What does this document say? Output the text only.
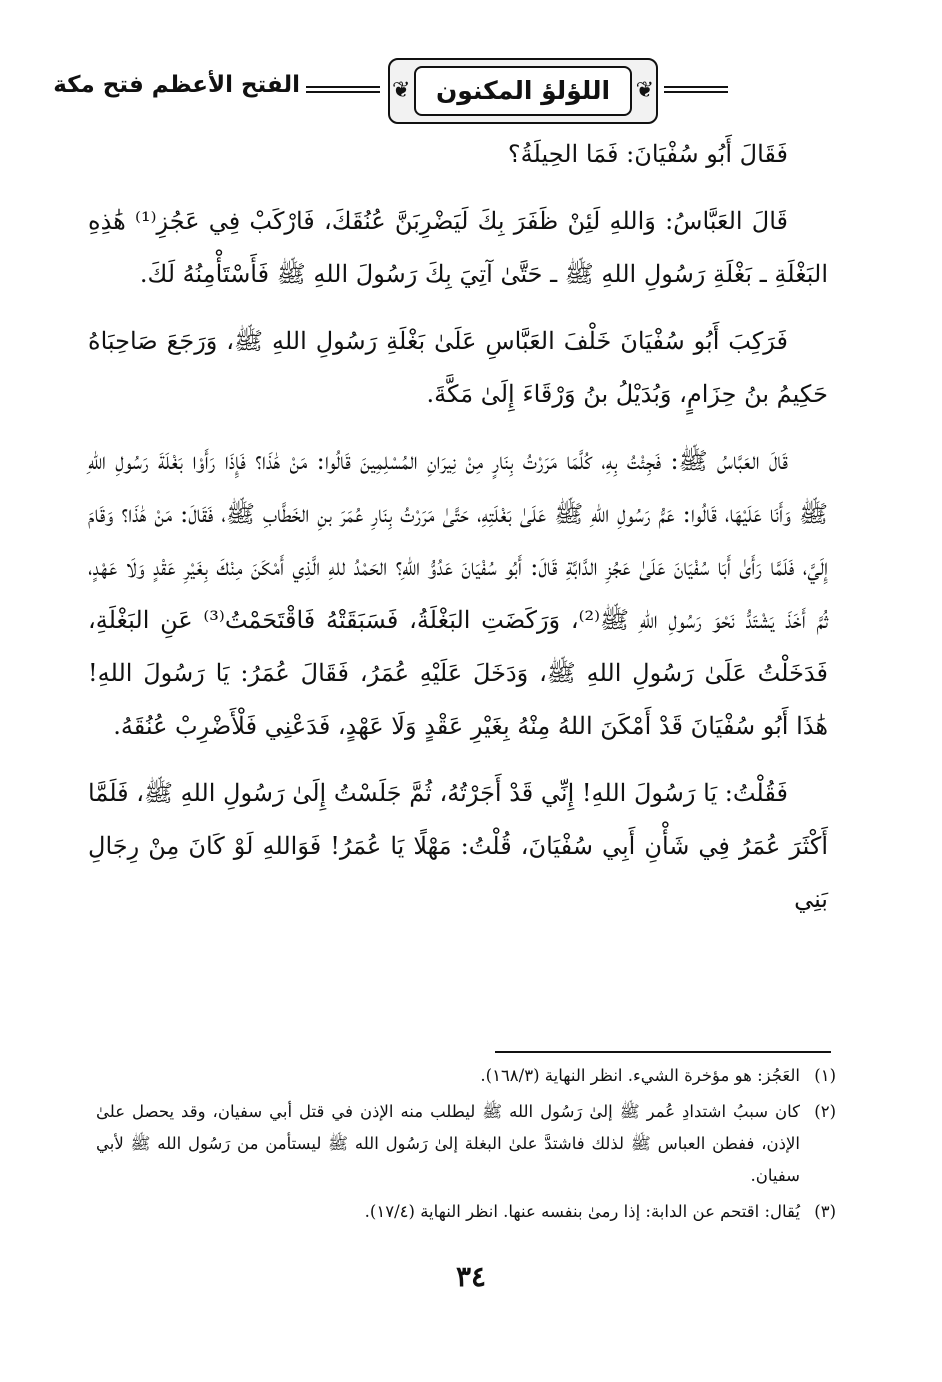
الفتح الأعظم فتح مكة	❦	اللؤلؤ المكنون	❦

فَقَالَ أَبُو سُفْيَانَ: فَمَا الحِيلَةُ؟

قَالَ العَبَّاسُ: وَاللهِ لَئِنْ ظَفَرَ بِكَ لَيَضْرِبَنَّ عُنُقَكَ، فَارْكَبْ فِي عَجُزِ⁽¹⁾ هَٰذِهِ البَغْلَةِ ـ بَغْلَةِ رَسُولِ اللهِ ﷺ ـ حَتَّىٰ آتِيَ بِكَ رَسُولَ اللهِ ﷺ فَأَسْتَأْمِنُهُ لَكَ.

فَرَكِبَ أَبُو سُفْيَانَ خَلْفَ العَبَّاسِ عَلَىٰ بَغْلَةِ رَسُولِ اللهِ ﷺ، وَرَجَعَ صَاحِبَاهُ حَكِيمُ بنُ حِزَامٍ، وَبُدَيْلُ بنُ وَرْقَاءَ إِلَىٰ مَكَّةَ.

قَالَ العَبَّاسُ ﷺ: فَجِئْتُ بِهِ، كُلَّمَا مَرَرْتُ بِنَارٍ مِنْ نِيرَانِ المُسْلِمِينَ قَالُوا: مَنْ هَٰذَا؟ فَإِذَا رَأَوْا بَغْلَةَ رَسُولِ اللهِ ﷺ وَأَنَا عَلَيْهَا، قَالُوا: عَمُّ رَسُولِ اللهِ ﷺ عَلَىٰ بَغْلَتِهِ، حَتَّىٰ مَرَرْتُ بِنَارِ عُمَرَ بنِ الخَطَّابِ ﷺ، فَقَالَ: مَنْ هَٰذَا؟ وَقَامَ إِلَيَّ، فَلَمَّا رَأَىٰ أَبَا سُفْيَانَ عَلَىٰ عَجُزِ الدَّابَّةِ قَالَ: أَبُو سُفْيَانَ عَدُوُّ اللهِ؟ الحَمْدُ للهِ الَّذِي أَمْكَنَ مِنْكَ بِغَيْرِ عَقْدٍ وَلَا عَهْدٍ، ثُمَّ أَخَذَ يَشْتَدُّ نَحْوَ رَسُولِ اللهِ ﷺ⁽²⁾، وَرَكَضَتِ البَغْلَةُ، فَسَبَقَتْهُ فَاقْتَحَمْتُ⁽³⁾ عَنِ البَغْلَةِ، فَدَخَلْتُ عَلَىٰ رَسُولِ اللهِ ﷺ، وَدَخَلَ عَلَيْهِ عُمَرُ، فَقَالَ عُمَرُ: يَا رَسُولَ اللهِ! هَٰذَا أَبُو سُفْيَانَ قَدْ أَمْكَنَ اللهُ مِنْهُ بِغَيْرِ عَقْدٍ وَلَا عَهْدٍ، فَدَعْنِي فَلْأَضْرِبْ عُنُقَهُ.

فَقُلْتُ: يَا رَسُولَ اللهِ! إِنِّي قَدْ أَجَرْتُهُ، ثُمَّ جَلَسْتُ إِلَىٰ رَسُولِ اللهِ ﷺ، فَلَمَّا أَكْثَرَ عُمَرُ فِي شَأْنِ أَبِي سُفْيَانَ، قُلْتُ: مَهْلًا يَا عُمَرُ! فَوَاللهِ لَوْ كَانَ مِنْ رِجَالِ بَنِي

(١)
العَجُز: هو مؤخرة الشيء. انظر النهاية (١٦٨/٣).
(٢)
كان سببُ اشتدادِ عُمر ﷺ إلىٰ رَسُول الله ﷺ ليطلب منه الإذن في قتل أبي سفيان، وقد يحصل علىٰ الإذن، ففطن العباس ﷺ لذلك فاشتدَّ علىٰ البغلة إلىٰ رَسُول الله ﷺ ليستأمن من رَسُول الله ﷺ لأبي سفيان.
(٣)
يُقال: اقتحم عن الدابة: إذا رمىٰ بنفسه عنها. انظر النهاية (١٧/٤).
٣٤
